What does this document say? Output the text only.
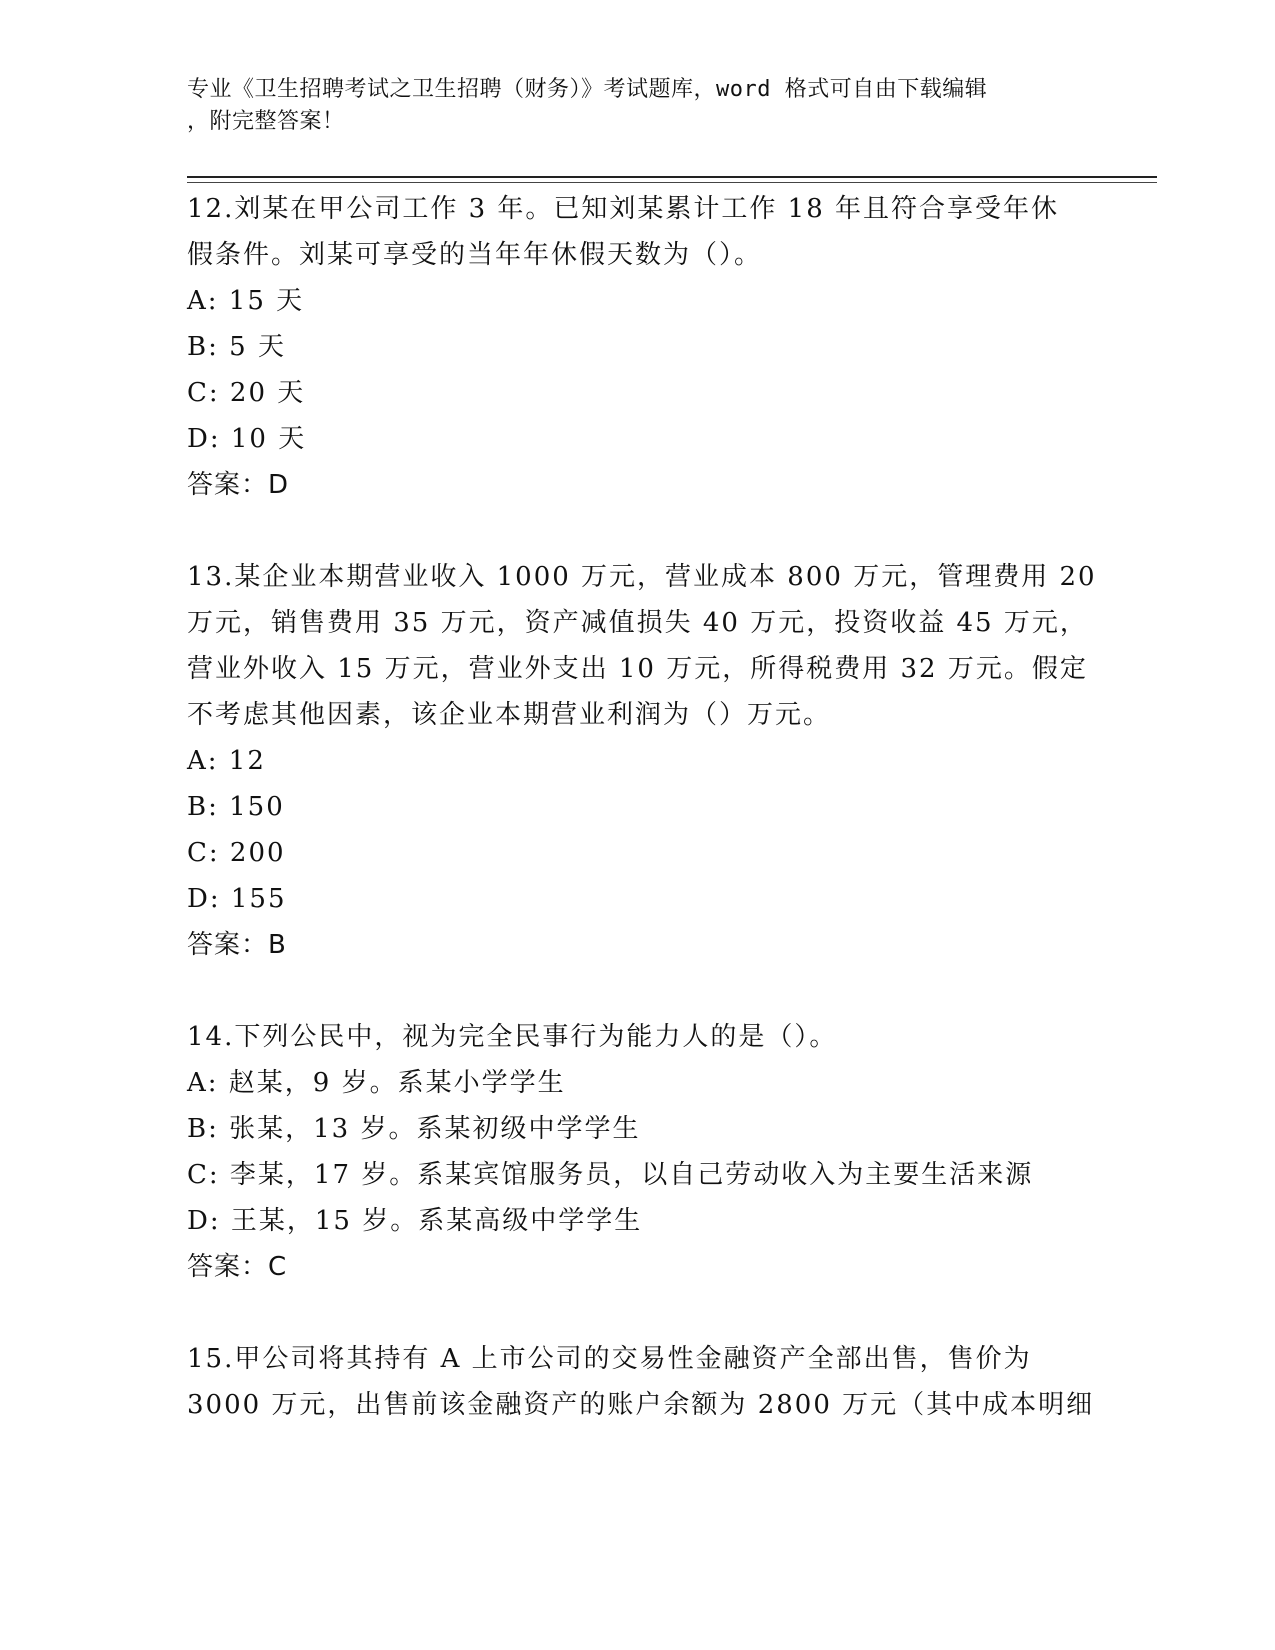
专业《卫生招聘考试之卫生招聘（财务）》考试题库，word 格式可自由下载编辑
，附完整答案！
12.刘某在甲公司工作 3 年。已知刘某累计工作 18 年且符合享受年休
假条件。刘某可享受的当年年休假天数为（）。
A: 15 天
B: 5 天
C: 20 天
D: 10 天
答案：D
13.某企业本期营业收入 1000 万元，营业成本 800 万元，管理费用 20
万元，销售费用 35 万元，资产减值损失 40 万元，投资收益 45 万元，
营业外收入 15 万元，营业外支出 10 万元，所得税费用 32 万元。假定
不考虑其他因素，该企业本期营业利润为（）万元。
A: 12
B: 150
C: 200
D: 155
答案：B
14.下列公民中，视为完全民事行为能力人的是（）。
A: 赵某，9 岁。系某小学学生
B: 张某，13 岁。系某初级中学学生
C: 李某，17 岁。系某宾馆服务员，以自己劳动收入为主要生活来源
D: 王某，15 岁。系某高级中学学生
答案：C
15.甲公司将其持有 A 上市公司的交易性金融资产全部出售，售价为
3000 万元，出售前该金融资产的账户余额为 2800 万元（其中成本明细
